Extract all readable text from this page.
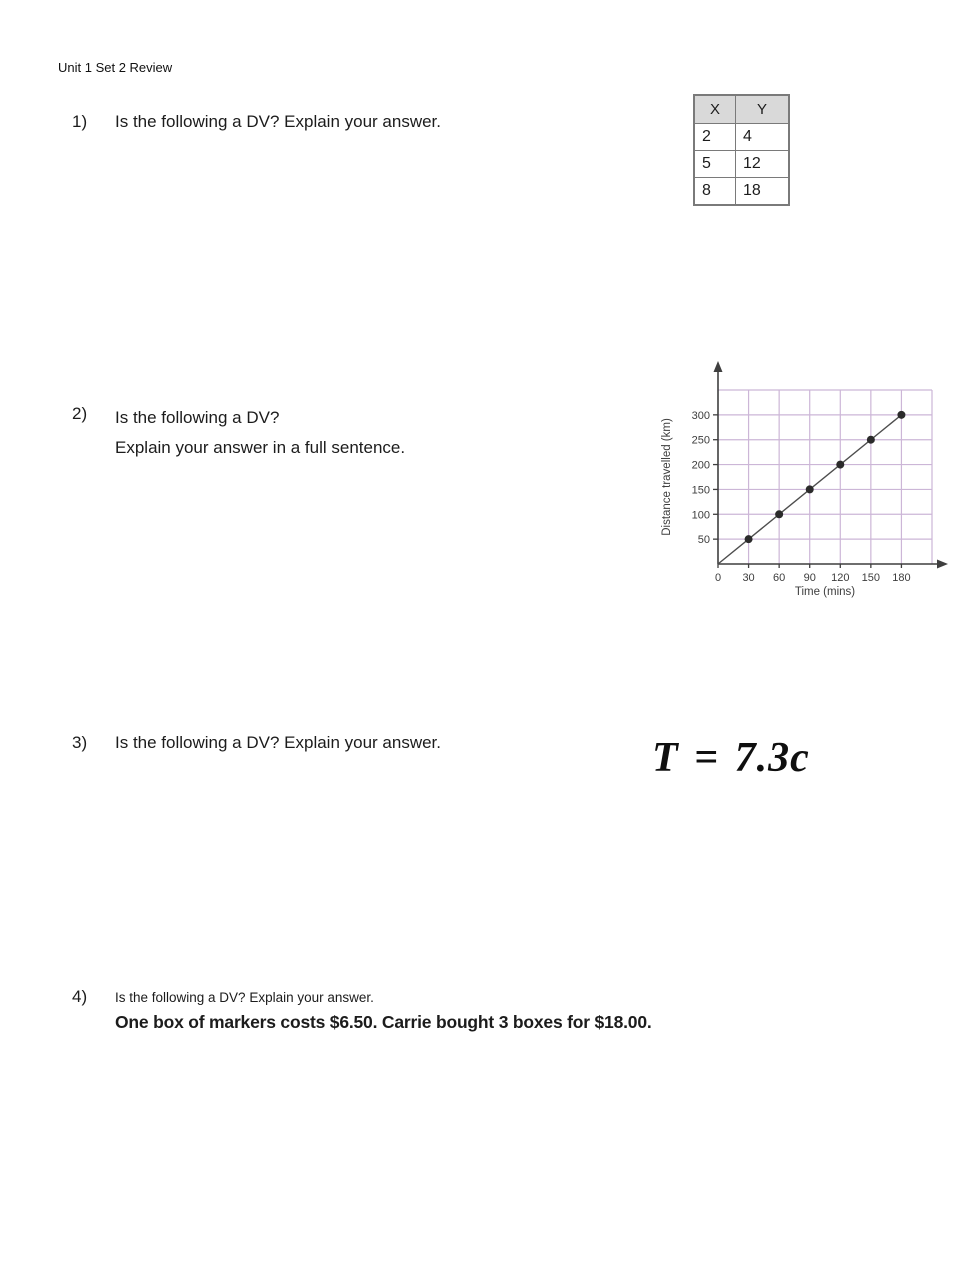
Unit 1 Set 2 Review
1)	Is the following a DV? Explain your answer.
X	Y
2	4
5	12
8	18
2)	Is the following a DV?
Explain your answer in a full sentence.
0 30 60 90 120 150 180
50
100
150
200
250
300
Time (mins)
Distance travelled (km)
3)	Is the following a DV? Explain your answer.	T = 7.3c
4)	Is the following a DV? Explain your answer.
One box of markers costs $6.50. Carrie bought 3 boxes for $18.00.
